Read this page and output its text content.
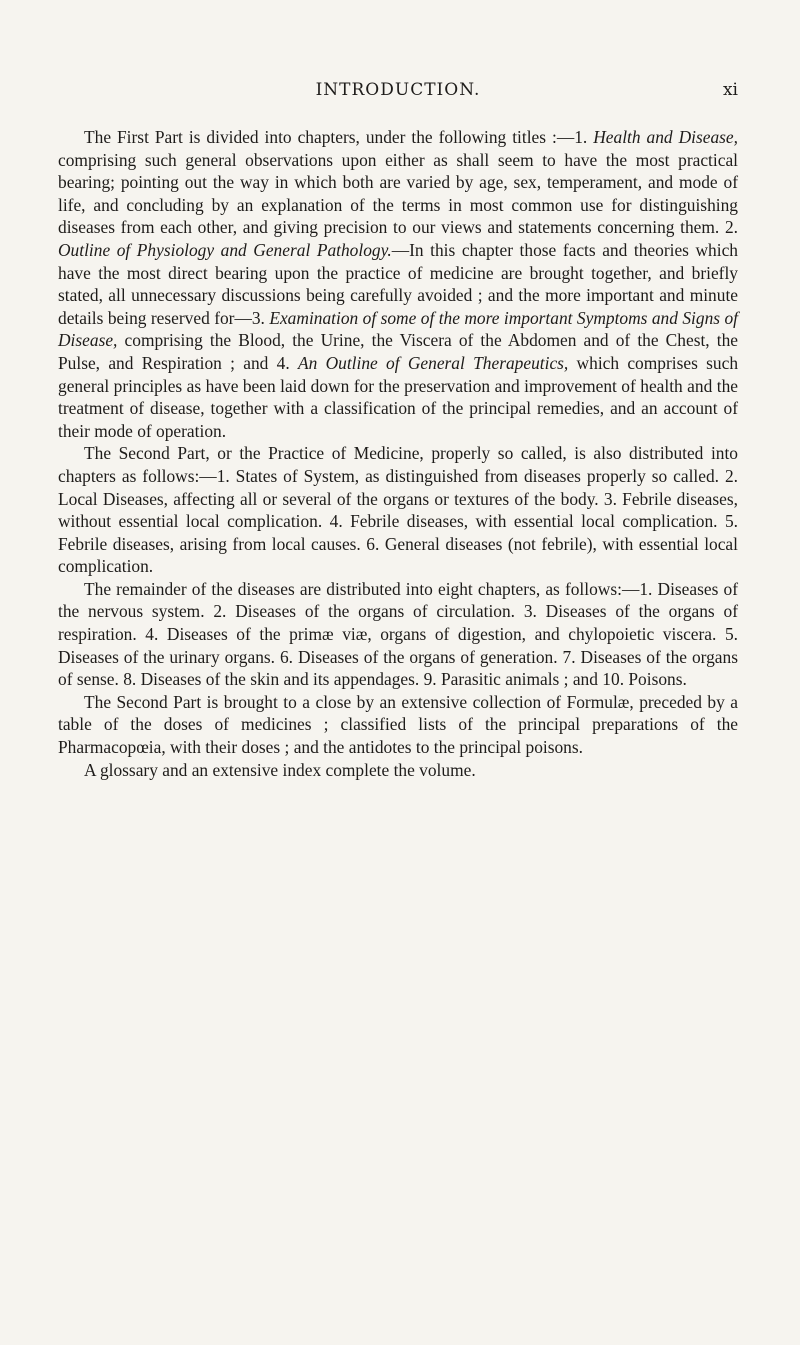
INTRODUCTION.	xi

The First Part is divided into chapters, under the following titles :—1. Health and Disease, comprising such general observations upon either as shall seem to have the most practical bearing; pointing out the way in which both are varied by age, sex, temperament, and mode of life, and concluding by an explanation of the terms in most common use for distinguishing diseases from each other, and giving precision to our views and statements concerning them. 2. Outline of Physiology and General Pathology.—In this chapter those facts and theories which have the most direct bearing upon the practice of medicine are brought together, and briefly stated, all unnecessary discussions being carefully avoided ; and the more important and minute details being reserved for—3. Examination of some of the more important Symptoms and Signs of Disease, comprising the Blood, the Urine, the Viscera of the Abdomen and of the Chest, the Pulse, and Respiration ; and 4. An Outline of General Therapeutics, which comprises such general principles as have been laid down for the preservation and improvement of health and the treatment of disease, together with a classification of the principal remedies, and an account of their mode of operation.

The Second Part, or the Practice of Medicine, properly so called, is also distributed into chapters as follows:—1. States of System, as distinguished from diseases properly so called. 2. Local Diseases, affecting all or several of the organs or textures of the body. 3. Febrile diseases, without essential local complication. 4. Febrile diseases, with essential local complication. 5. Febrile diseases, arising from local causes. 6. General diseases (not febrile), with essential local complication.

The remainder of the diseases are distributed into eight chapters, as follows:—1. Diseases of the nervous system. 2. Diseases of the organs of circulation. 3. Diseases of the organs of respiration. 4. Diseases of the primæ viæ, organs of digestion, and chylopoietic viscera. 5. Diseases of the urinary organs. 6. Diseases of the organs of generation. 7. Diseases of the organs of sense. 8. Diseases of the skin and its appendages. 9. Parasitic animals ; and 10. Poisons.

The Second Part is brought to a close by an extensive collection of Formulæ, preceded by a table of the doses of medicines ; classified lists of the principal preparations of the Pharmacopœia, with their doses ; and the antidotes to the principal poisons.

A glossary and an extensive index complete the volume.
